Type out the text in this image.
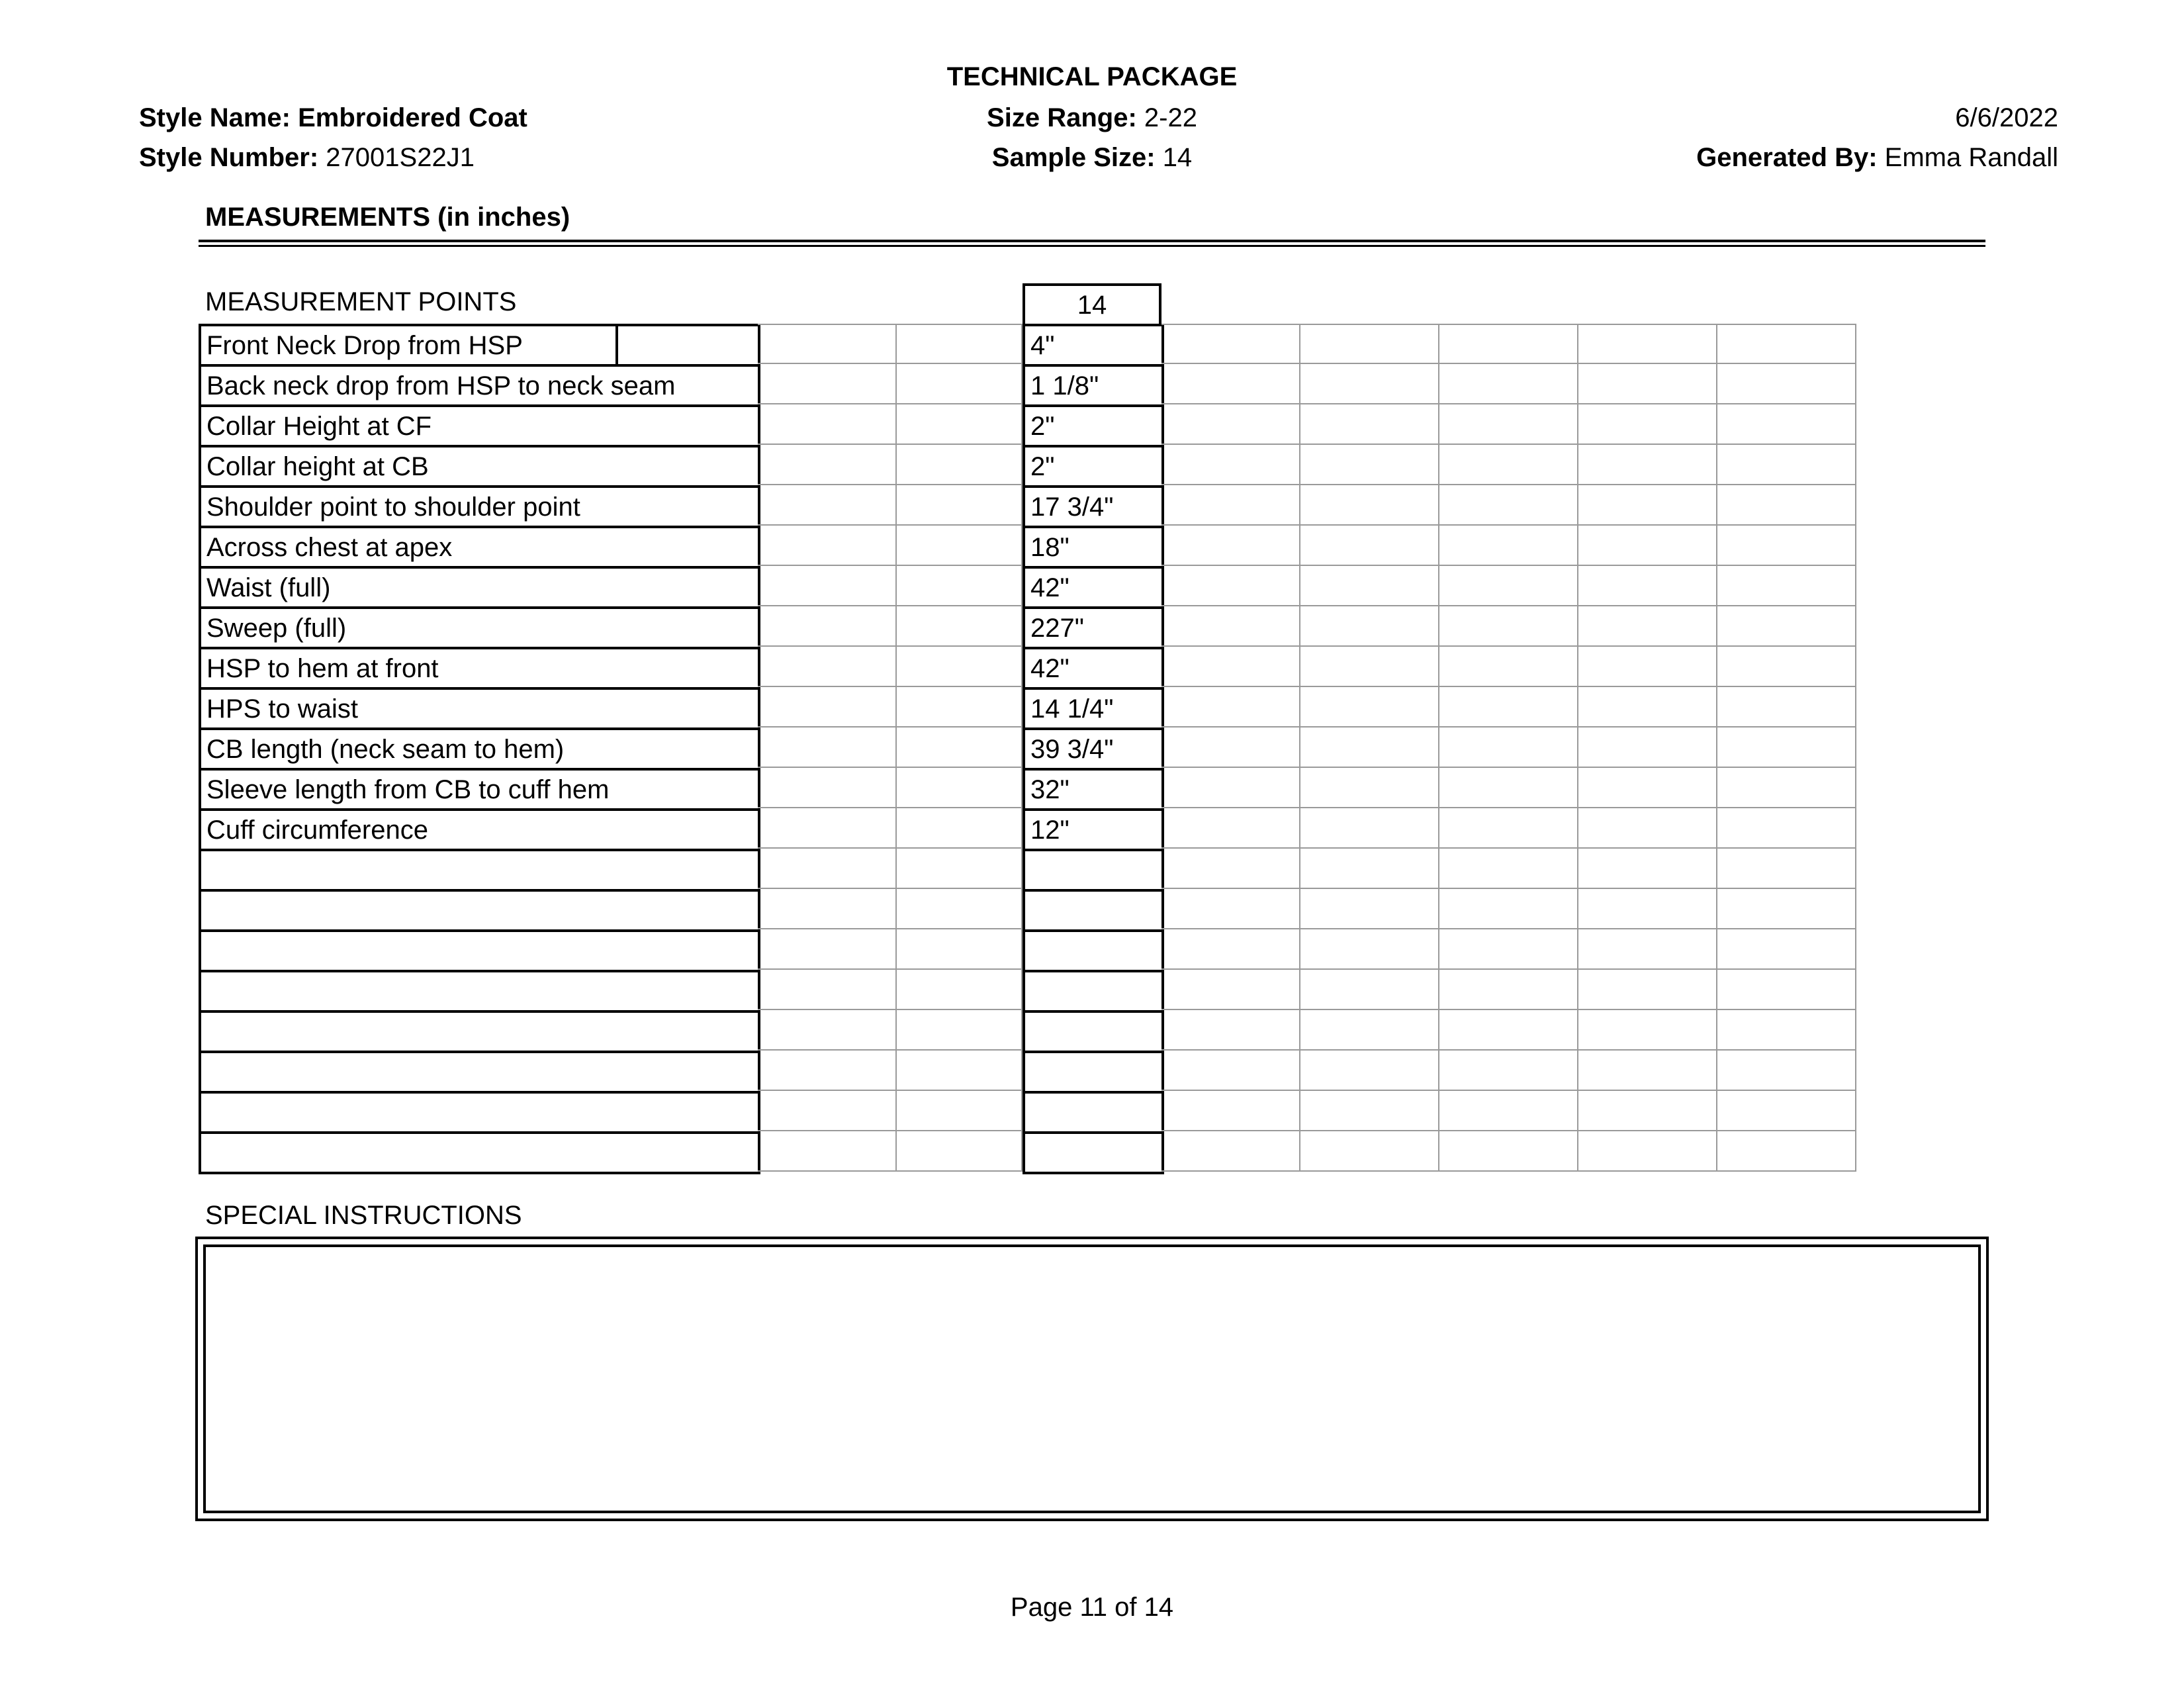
TECHNICAL PACKAGE
Style Name: Embroidered Coat
Style Number: 27001S22J1
Size Range: 2-22
Sample Size: 14
6/6/2022
Generated By: Emma Randall
MEASUREMENTS (in inches)
MEASUREMENT POINTS	14
Front Neck Drop from HSP	4"
Back neck drop from HSP to neck seam	1 1/8"
Collar Height at CF	2"
Collar height at CB	2"
Shoulder point to shoulder point	17 3/4"
Across chest at apex	18"
Waist (full)	42"
Sweep (full)	227"
HSP to hem at front	42"
HPS to waist	14 1/4"
CB length (neck seam to hem)	39 3/4"
Sleeve length from CB to cuff hem	32"
Cuff circumference	12"
SPECIAL INSTRUCTIONS
Page 11 of 14
